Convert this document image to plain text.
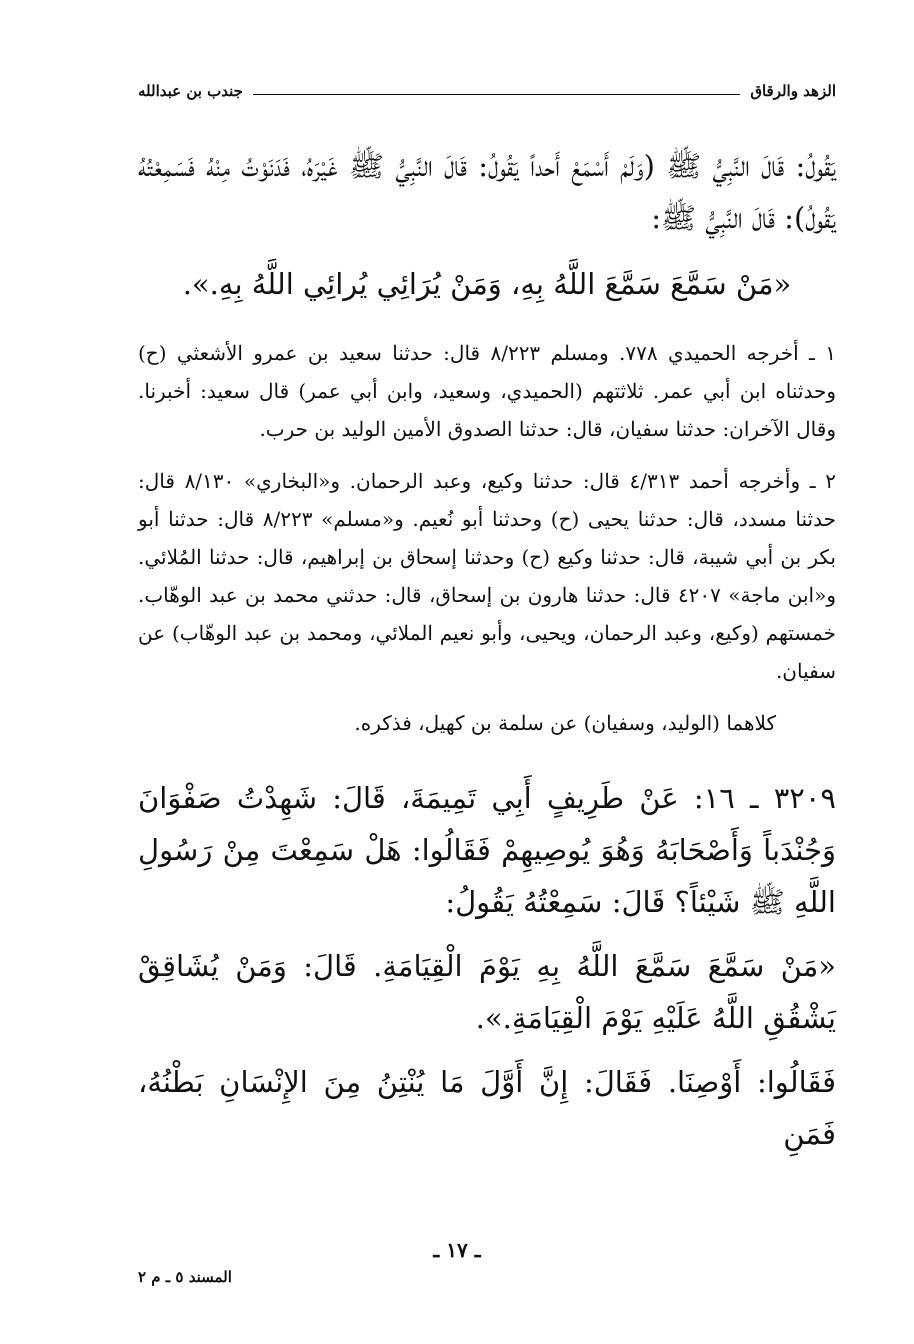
الزهد والرقاق
جندب بن عبدالله

يَقُولُ: قَالَ النَّبِيُّ ﷺ (وَلَمْ أَسْمَعْ أَحداً يَقُولُ: قَالَ النَّبِيُّ ﷺ غَيْرَهُ، فَدَنَوْتُ مِنْهُ فَسَمِعْتُهُ يَقُولُ): قَالَ النَّبِيُّ ﷺ:

«مَنْ سَمَّعَ سَمَّعَ اللَّهُ بِهِ، وَمَنْ يُرَائِي يُرائِي اللَّهُ بِهِ.».

١ ـ أخرجه الحميدي ٧٧٨. ومسلم ٨/٢٢٣ قال: حدثنا سعيد بن عمرو الأشعثي (ح) وحدثناه ابن أبي عمر. ثلاثتهم (الحميدي، وسعيد، وابن أبي عمر) قال سعيد: أخبرنا. وقال الآخران: حدثنا سفيان، قال: حدثنا الصدوق الأمين الوليد بن حرب.

٢ ـ وأخرجه أحمد ٤/٣١٣ قال: حدثنا وكيع، وعبد الرحمان. و«البخاري» ٨/١٣٠ قال: حدثنا مسدد، قال: حدثنا يحيى (ح) وحدثنا أبو نُعيم. و«مسلم» ٨/٢٢٣ قال: حدثنا أبو بكر بن أبي شيبة، قال: حدثنا وكيع (ح) وحدثنا إسحاق بن إبراهيم، قال: حدثنا المُلائي. و«ابن ماجة» ٤٢٠٧ قال: حدثنا هارون بن إسحاق، قال: حدثني محمد بن عبد الوهّاب. خمستهم (وكيع، وعبد الرحمان، ويحيى، وأبو نعيم الملائي، ومحمد بن عبد الوهّاب) عن سفيان.

كلاهما (الوليد، وسفيان) عن سلمة بن كهيل، فذكره.

٣٢٠٩ ـ ١٦: عَنْ طَرِيفٍ أَبِي تَمِيمَةَ، قَالَ: شَهِدْتُ صَفْوَانَ وَجُنْدَباً وَأَصْحَابَهُ وَهُوَ يُوصِيهِمْ فَقَالُوا: هَلْ سَمِعْتَ مِنْ رَسُولِ اللَّهِ ﷺ شَيْئاً؟ قَالَ: سَمِعْتُهُ يَقُولُ:

«مَنْ سَمَّعَ سَمَّعَ اللَّهُ بِهِ يَوْمَ الْقِيَامَةِ. قَالَ: وَمَنْ يُشَاقِقْ يَشْقُقِ اللَّهُ عَلَيْهِ يَوْمَ الْقِيَامَةِ.».

فَقَالُوا: أَوْصِنَا. فَقَالَ: إِنَّ أَوَّلَ مَا يُنْتِنُ مِنَ الإِنْسَانِ بَطْنُهُ، فَمَنِ

ـ ١٧ ـ
المسند ٥ ـ م ٢
